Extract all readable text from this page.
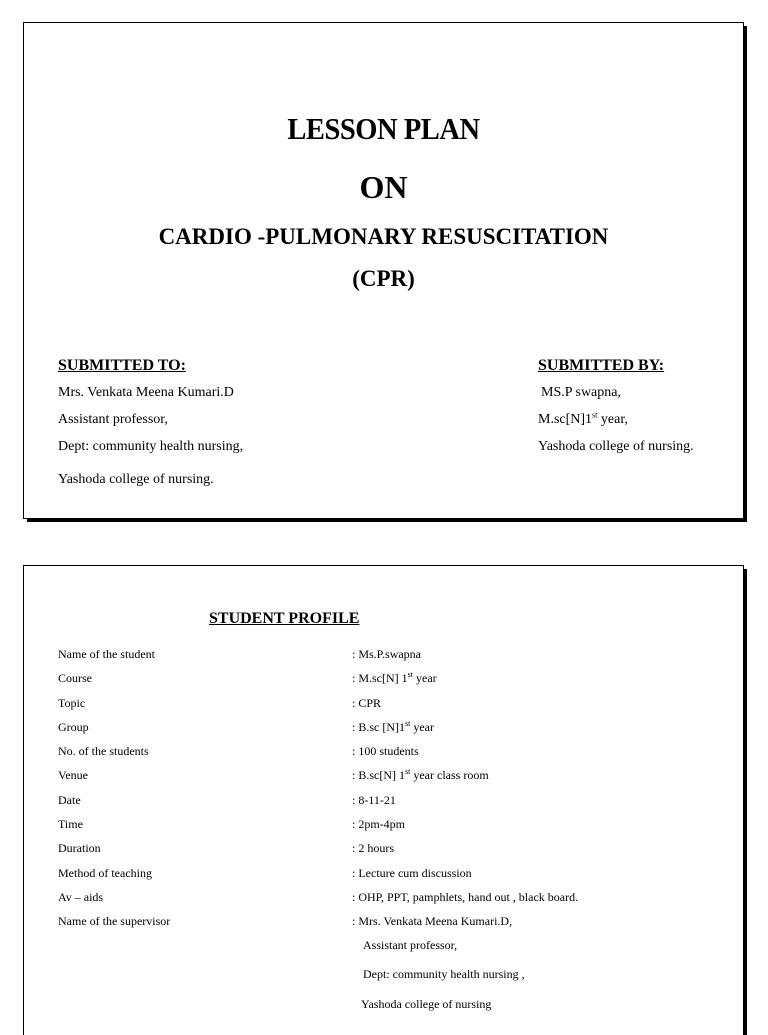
LESSON PLAN
ON
CARDIO -PULMONARY RESUSCITATION
(CPR)
SUBMITTED TO:
Mrs. Venkata Meena Kumari.D
Assistant professor,
Dept: community health nursing,
Yashoda college of nursing.
SUBMITTED BY:
MS.P swapna,
M.sc[N]1st year,
Yashoda college of nursing.
STUDENT PROFILE
Name of the student	: Ms.P.swapna
Course	: M.sc[N] 1st year
Topic	: CPR
Group	: B.sc [N]1st year
No. of the students	: 100 students
Venue	: B.sc[N] 1st year class room
Date	: 8-11-21
Time	: 2pm-4pm
Duration	: 2 hours
Method of teaching	: Lecture cum discussion
Av – aids	: OHP, PPT, pamphlets, hand out , black board.
Name of the supervisor	: Mrs. Venkata Meena Kumari.D,
Assistant professor,
Dept: community health nursing ,
Yashoda college of nursing
